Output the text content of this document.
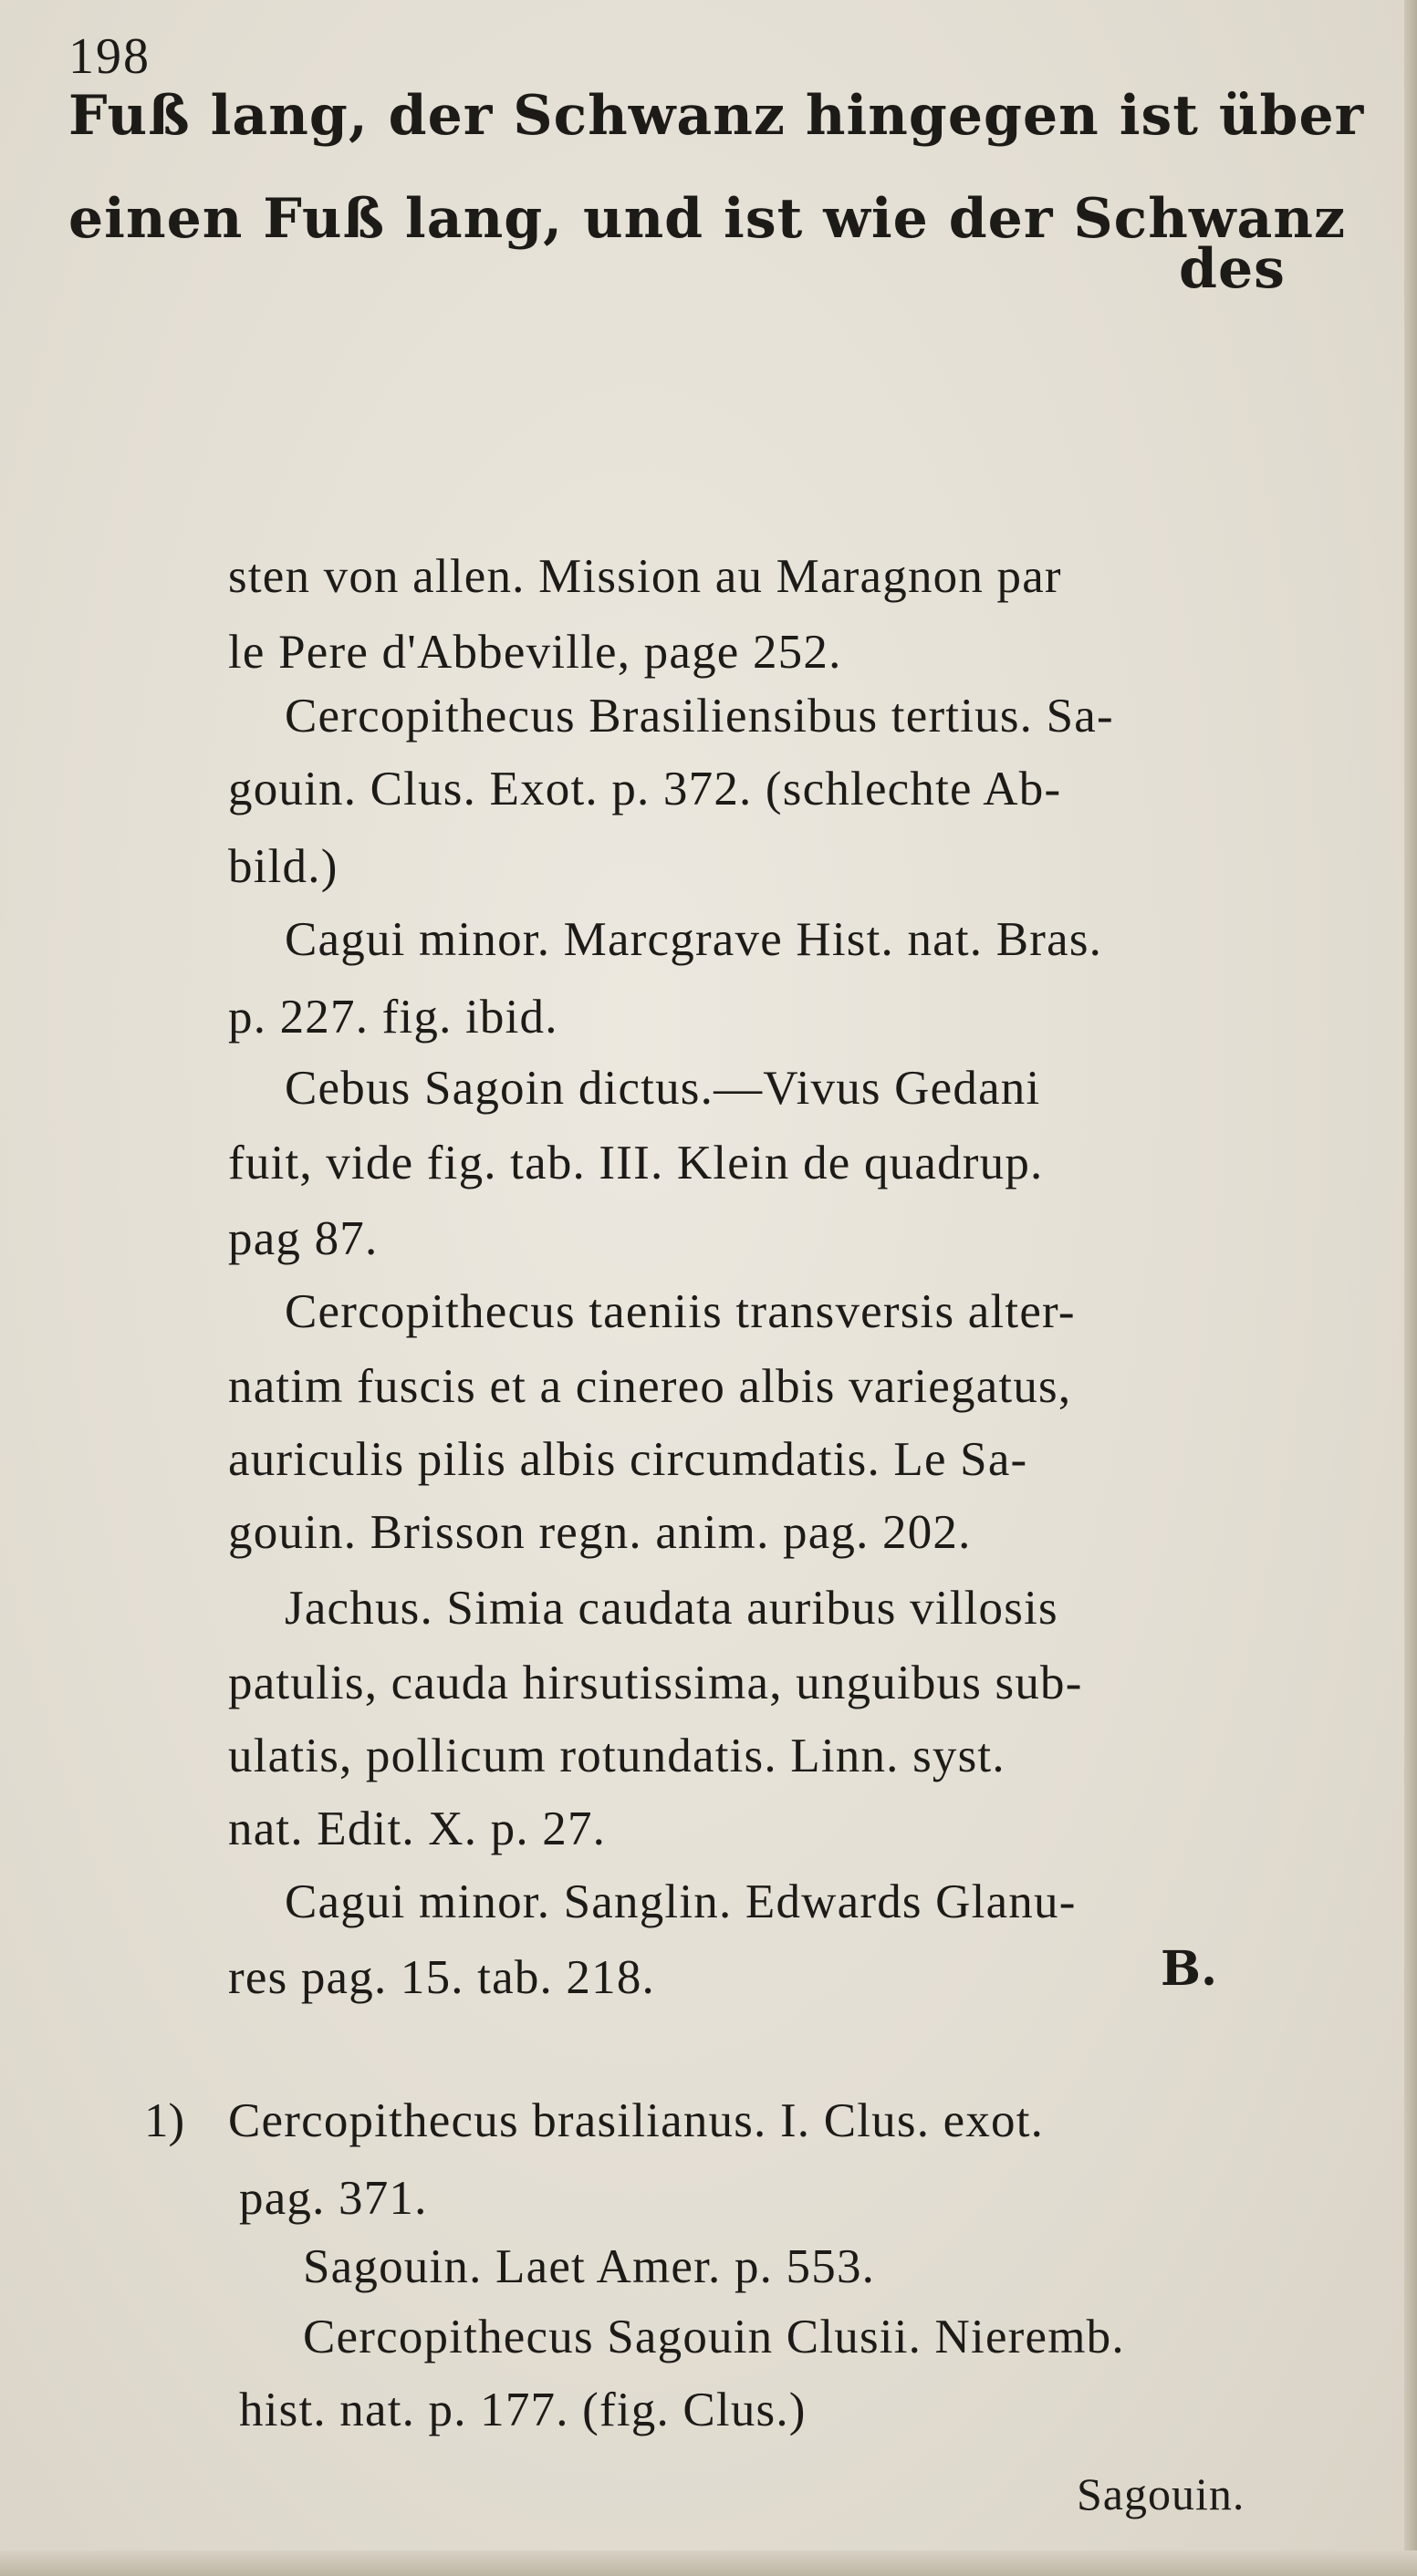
198
Fuß lang, der Schwanz hingegen ist über
einen Fuß lang, und ist wie der Schwanz
des
sten von allen. Mission au Maragnon par
le Pere d'Abbeville, page 252.
Cercopithecus Brasiliensibus tertius. Sa-
gouin. Clus. Exot. p. 372. (schlechte Ab-
bild.)
Cagui minor. Marcgrave Hist. nat. Bras.
p. 227. fig. ibid.
Cebus Sagoin dictus.—Vivus Gedani
fuit, vide fig. tab. III. Klein de quadrup.
pag 87.
Cercopithecus taeniis transversis alter-
natim fuscis et a cinereo albis variegatus,
auriculis pilis albis circumdatis. Le Sa-
gouin. Brisson regn. anim. pag. 202.
Jachus. Simia caudata auribus villosis
patulis, cauda hirsutissima, unguibus sub-
ulatis, pollicum rotundatis. Linn. syst.
nat. Edit. X. p. 27.
Cagui minor. Sanglin. Edwards Glanu-
res pag. 15. tab. 218.	B.
1) Cercopithecus brasilianus. I. Clus. exot.
pag. 371.
Sagouin. Laet Amer. p. 553.
Cercopithecus Sagouin Clusii. Nieremb.
hist. nat. p. 177. (fig. Clus.)
Sagouin.
